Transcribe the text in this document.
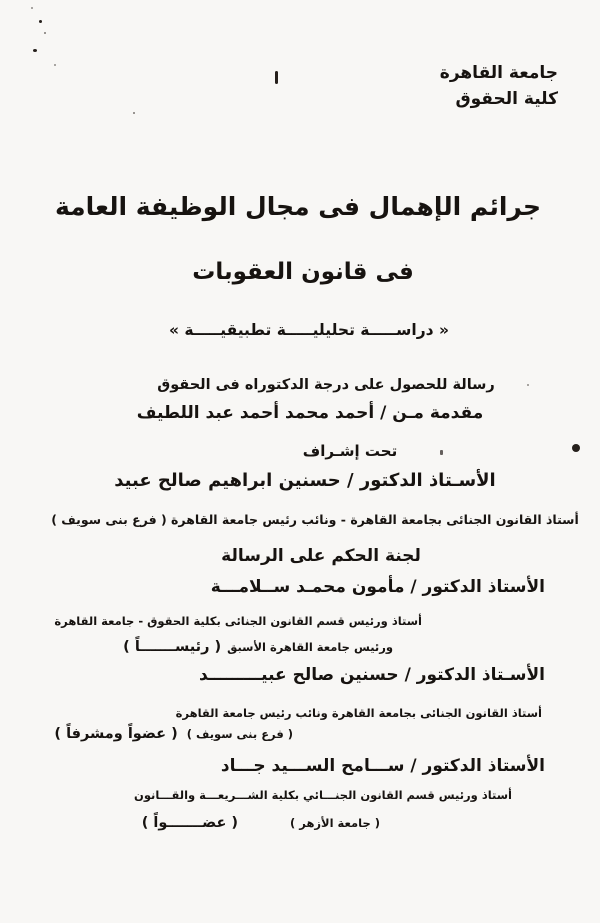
جامعة القاهرة
كلية الحقوق
جرائم الإهمال فى مجال الوظيفة العامة
فى قانون العقوبات
« دراســـــة تحليليـــــة تطبيقيـــــة »
رسالة للحصول على درجة الدكتوراه فى الحقوق
مقدمة مـن / أحمد محمد أحمد عبد اللطيف
تحت إشـراف
الأسـتاذ الدكتور / حسنين ابراهيم صالح عبيد
أستاذ القانون الجنائى بجامعة القاهرة - ونائب رئيس جامعة القاهرة ( فرع بنى سويف )
لجنة الحكم على الرسالة
الأستاذ الدكتور / مأمون محمـد ســلامـــة
أستاذ ورئيس قسم القانون الجنائى بكلية الحقوق - جامعة القاهرة
ورئيس جامعة القاهرة الأسبق
( رئيســـــــاً )
الأسـتاذ الدكتور / حسنين صالح عبيـــــــــد
أستاذ القانون الجنائى بجامعة القاهرة ونائب رئيس جامعة القاهرة
( فرع بنى سويف )
( عضواً ومشرفاً )
الأستاذ الدكتور / ســـامح الســـيد جـــاد
أستاذ ورئيس قسم القانون الجنـــائي بكلية الشـــريعـــة والقـــانون
( جامعة الأزهر )
( عضـــــــواً )
